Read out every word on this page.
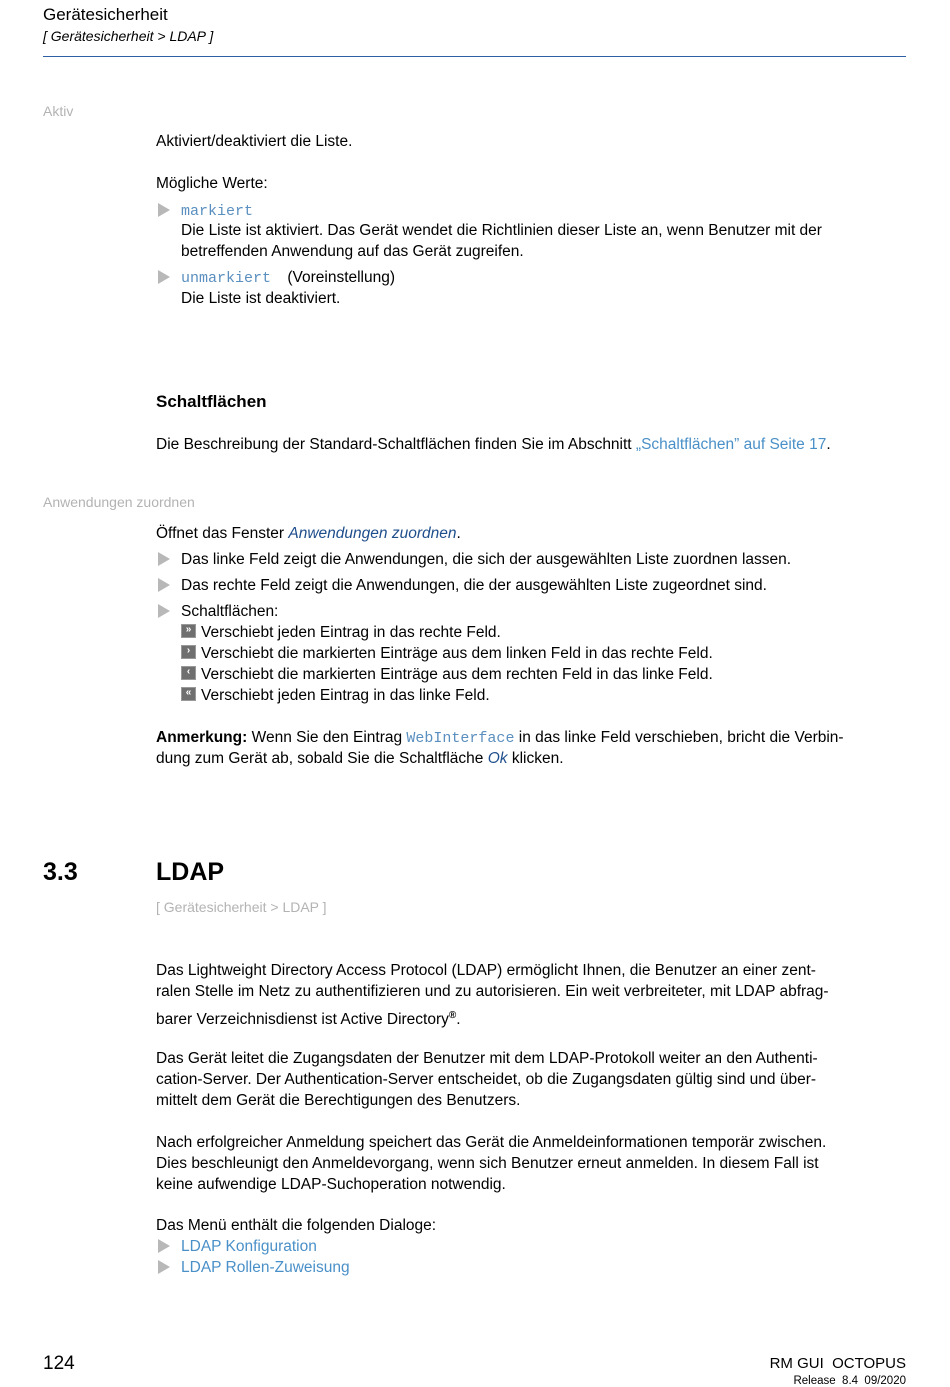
Gerätesicherheit
[ Gerätesicherheit > LDAP ]
Aktiv
Aktiviert/deaktiviert die Liste.
Mögliche Werte:
markiert
Die Liste ist aktiviert. Das Gerät wendet die Richtlinien dieser Liste an, wenn Benutzer mit der
betreffenden Anwendung auf das Gerät zugreifen.
unmarkiert (Voreinstellung)
Die Liste ist deaktiviert.
Schaltflächen
Die Beschreibung der Standard-Schaltflächen finden Sie im Abschnitt „Schaltflächen” auf Seite 17.
Anwendungen zuordnen
Öffnet das Fenster Anwendungen zuordnen.
Das linke Feld zeigt die Anwendungen, die sich der ausgewählten Liste zuordnen lassen.
Das rechte Feld zeigt die Anwendungen, die der ausgewählten Liste zugeordnet sind.
Schaltflächen:
» Verschiebt jeden Eintrag in das rechte Feld.
› Verschiebt die markierten Einträge aus dem linken Feld in das rechte Feld.
‹ Verschiebt die markierten Einträge aus dem rechten Feld in das linke Feld.
« Verschiebt jeden Eintrag in das linke Feld.
Anmerkung: Wenn Sie den Eintrag WebInterface in das linke Feld verschieben, bricht die Verbin-
dung zum Gerät ab, sobald Sie die Schaltfläche Ok klicken.
3.3	LDAP
[ Gerätesicherheit > LDAP ]
Das Lightweight Directory Access Protocol (LDAP) ermöglicht Ihnen, die Benutzer an einer zent-
ralen Stelle im Netz zu authentifizieren und zu autorisieren. Ein weit verbreiteter, mit LDAP abfrag-
barer Verzeichnisdienst ist Active Directory®.
Das Gerät leitet die Zugangsdaten der Benutzer mit dem LDAP-Protokoll weiter an den Authenti-
cation-Server. Der Authentication-Server entscheidet, ob die Zugangsdaten gültig sind und über-
mittelt dem Gerät die Berechtigungen des Benutzers.
Nach erfolgreicher Anmeldung speichert das Gerät die Anmeldeinformationen temporär zwischen.
Dies beschleunigt den Anmeldevorgang, wenn sich Benutzer erneut anmelden. In diesem Fall ist
keine aufwendige LDAP-Suchoperation notwendig.
Das Menü enthält die folgenden Dialoge:
LDAP Konfiguration
LDAP Rollen-Zuweisung
124	RM GUI  OCTOPUS
Release  8.4  09/2020
